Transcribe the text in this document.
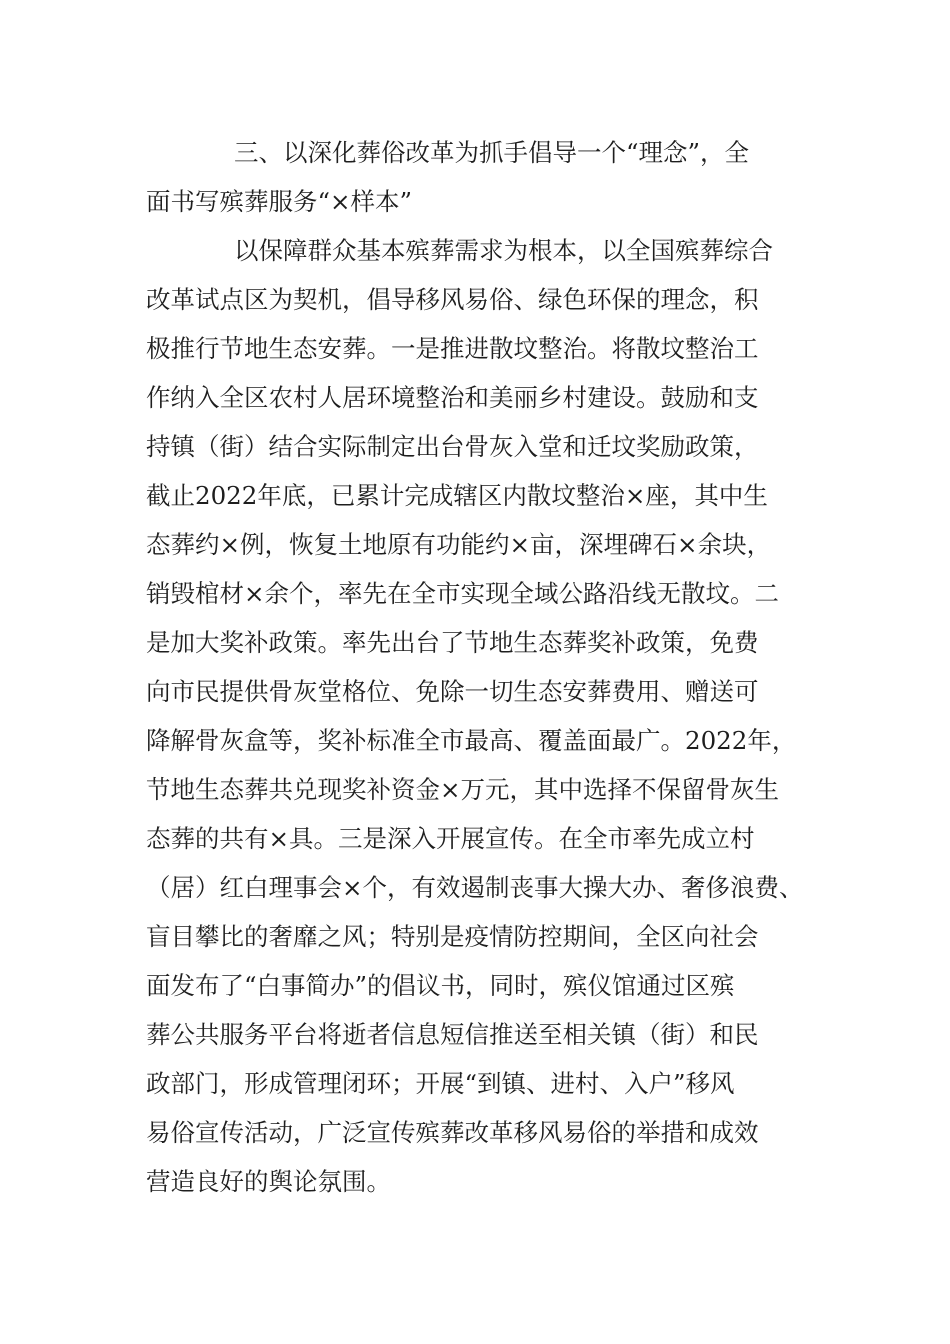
三、以深化葬俗改革为抓手倡导一个“理念”，全
面书写殡葬服务“×样本”
以保障群众基本殡葬需求为根本，以全国殡葬综合
改革试点区为契机，倡导移风易俗、绿色环保的理念，积
极推行节地生态安葬。一是推进散坟整治。将散坟整治工
作纳入全区农村人居环境整治和美丽乡村建设。鼓励和支
持镇（街）结合实际制定出台骨灰入堂和迁坟奖励政策，
截止2022年底，已累计完成辖区内散坟整治×座，其中生
态葬约×例，恢复土地原有功能约×亩，深埋碑石×余块，
销毁棺材×余个，率先在全市实现全域公路沿线无散坟。二
是加大奖补政策。率先出台了节地生态葬奖补政策，免费
向市民提供骨灰堂格位、免除一切生态安葬费用、赠送可
降解骨灰盒等，奖补标准全市最高、覆盖面最广。2022年，
节地生态葬共兑现奖补资金×万元，其中选择不保留骨灰生
态葬的共有×具。三是深入开展宣传。在全市率先成立村
（居）红白理事会×个，有效遏制丧事大操大办、奢侈浪费、
盲目攀比的奢靡之风；特别是疫情防控期间，全区向社会
面发布了“白事简办”的倡议书，同时，殡仪馆通过区殡
葬公共服务平台将逝者信息短信推送至相关镇（街）和民
政部门，形成管理闭环；开展“到镇、进村、入户”移风
易俗宣传活动，广泛宣传殡葬改革移风易俗的举措和成效
营造良好的舆论氛围。
